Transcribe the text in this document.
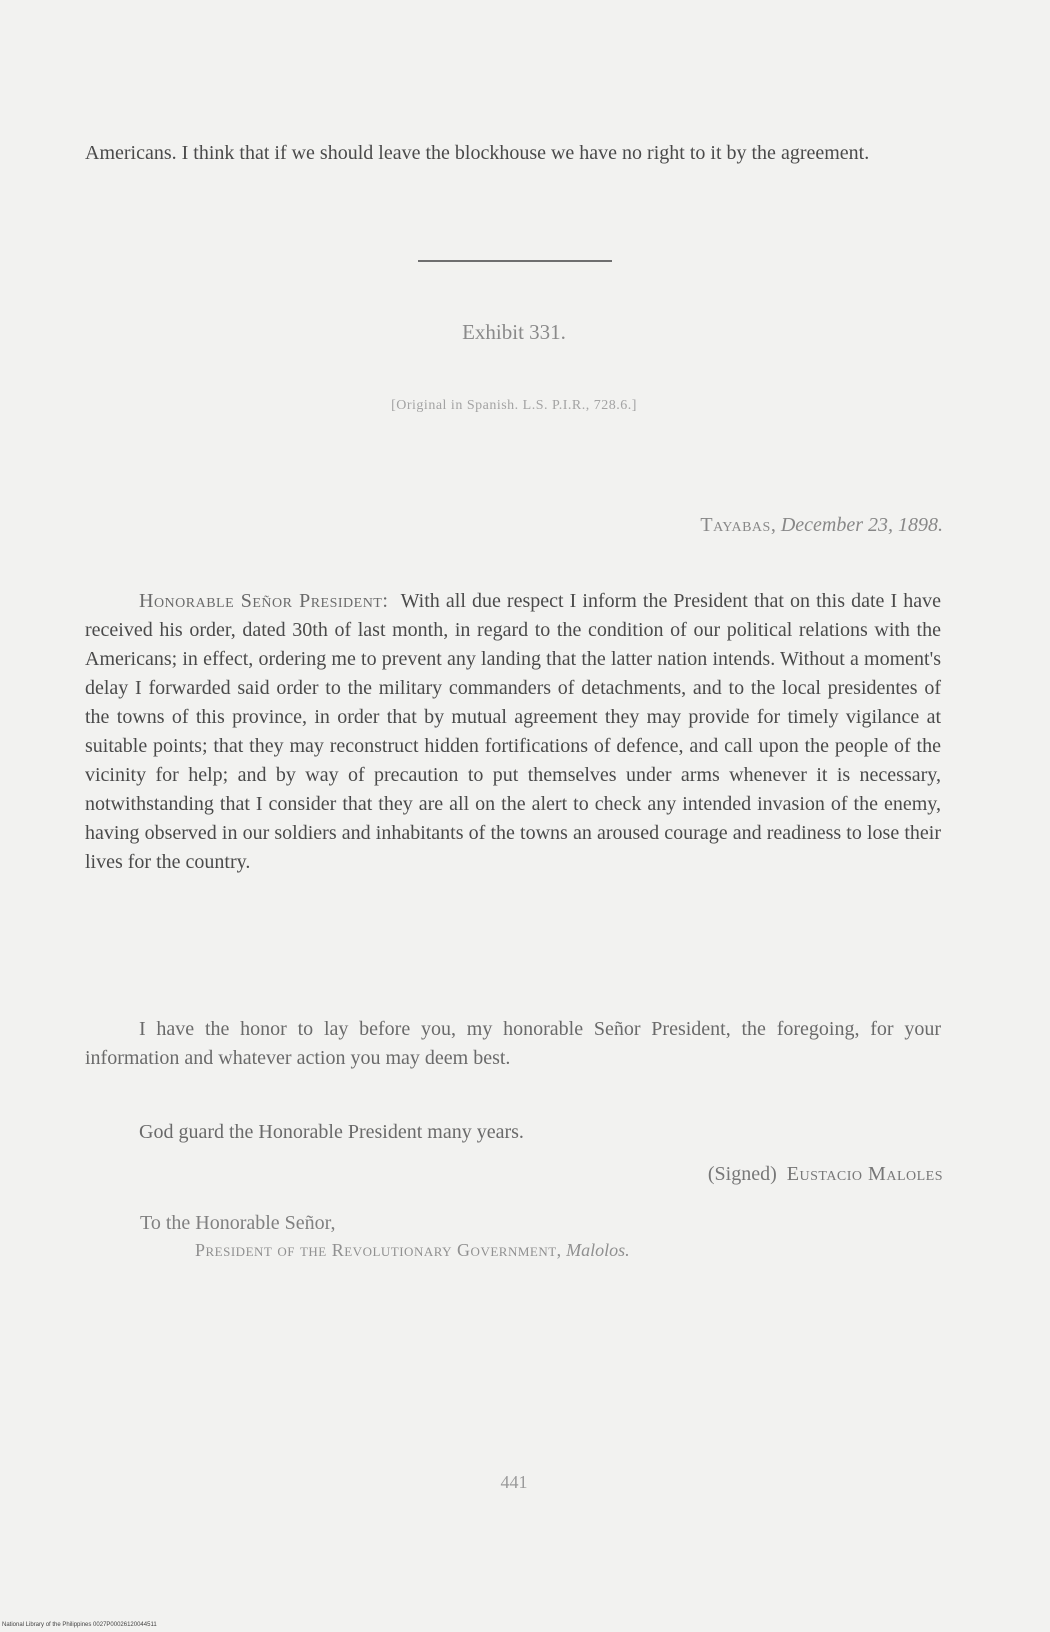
Americans. I think that if we should leave the blockhouse we have no right to it by the agreement.

Exhibit 331.
[Original in Spanish. L.S. P.I.R., 728.6.]
Tayabas, December 23, 1898.

Honorable Señor President: With all due respect I inform the President that on this date I have received his order, dated 30th of last month, in regard to the condition of our political relations with the Americans; in effect, ordering me to prevent any landing that the latter nation intends. Without a moment's delay I forwarded said order to the military commanders of detachments, and to the local presidentes of the towns of this province, in order that by mutual agreement they may provide for timely vigilance at suitable points; that they may reconstruct hidden fortifications of defence, and call upon the people of the vicinity for help; and by way of precaution to put themselves under arms whenever it is necessary, notwithstanding that I consider that they are all on the alert to check any intended invasion of the enemy, having observed in our soldiers and inhabitants of the towns an aroused courage and readiness to lose their lives for the country.

I have the honor to lay before you, my honorable Señor President, the foregoing, for your information and whatever action you may deem best.

God guard the Honorable President many years.

(Signed) Eustacio Maloles
To the Honorable Señor,
President of the Revolutionary Government, Malolos.
441
National Library of the Philippines 0027P00026120044511
